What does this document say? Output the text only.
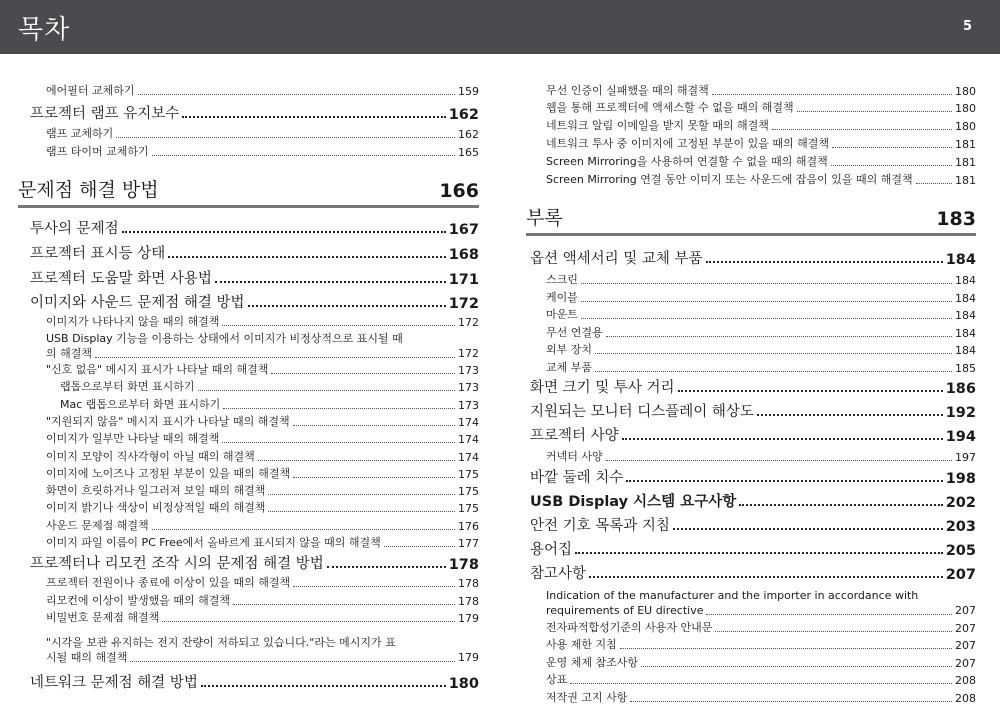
목차	5
에어필터 교체하기	159
프로젝터 램프 유지보수	162
램프 교체하기	162
램프 타이머 교체하기	165
문제점 해결 방법	166
투사의 문제점	167
프로젝터 표시등 상태	168
프로젝터 도움말 화면 사용법	171
이미지와 사운드 문제점 해결 방법	172
이미지가 나타나지 않을 때의 해결책	172
USB Display 기능을 이용하는 상태에서 이미지가 비정상적으로 표시될 때
의 해결책	172
"신호 없음" 메시지 표시가 나타날 때의 해결책	173
랩톱으로부터 화면 표시하기	173
Mac 랩톱으로부터 화면 표시하기	173
"지원되지 않음" 메시지 표시가 나타날 때의 해결책	174
이미지가 일부만 나타날 때의 해결책	174
이미지 모양이 직사각형이 아닐 때의 해결책	174
이미지에 노이즈나 고정된 부분이 있을 때의 해결책	175
화면이 흐릿하거나 일그러져 보일 때의 해결책	175
이미지 밝기나 색상이 비정상적일 때의 해결책	175
사운드 문제점 해결책	176
이미지 파일 이름이 PC Free에서 올바르게 표시되지 않을 때의 해결책	177
프로젝터나 리모컨 조작 시의 문제점 해결 방법	178
프로젝터 전원이나 종료에 이상이 있을 때의 해결책	178
리모컨에 이상이 발생했을 때의 해결책	178
비밀번호 문제점 해결책	179
"시각을 보관 유지하는 전지 잔량이 저하되고 있습니다."라는 메시지가 표
시될 때의 해결책	179
네트워크 문제점 해결 방법	180
무선 인증이 실패했을 때의 해결책	180
웹을 통해 프로젝터에 액세스할 수 없을 때의 해결책	180
네트워크 알림 이메일을 받지 못할 때의 해결책	180
네트워크 투사 중 이미지에 고정된 부분이 있을 때의 해결책	181
Screen Mirroring을 사용하여 연결할 수 없을 때의 해결책	181
Screen Mirroring 연결 동안 이미지 또는 사운드에 잡음이 있을 때의 해결책	181
부록	183
옵션 액세서리 및 교체 부품	184
스크린	184
케이블	184
마운트	184
무선 연결용	184
외부 장치	184
교체 부품	185
화면 크기 및 투사 거리	186
지원되는 모니터 디스플레이 해상도	192
프로젝터 사양	194
커넥터 사양	197
바깥 둘레 치수	198
USB Display 시스템 요구사항	202
안전 기호 목록과 지침	203
용어집	205
참고사항	207
Indication of the manufacturer and the importer in accordance with
requirements of EU directive	207
전자파적합성기준의 사용자 안내문	207
사용 제한 지침	207
운영 체제 참조사항	207
상표	208
저작권 고지 사항	208
